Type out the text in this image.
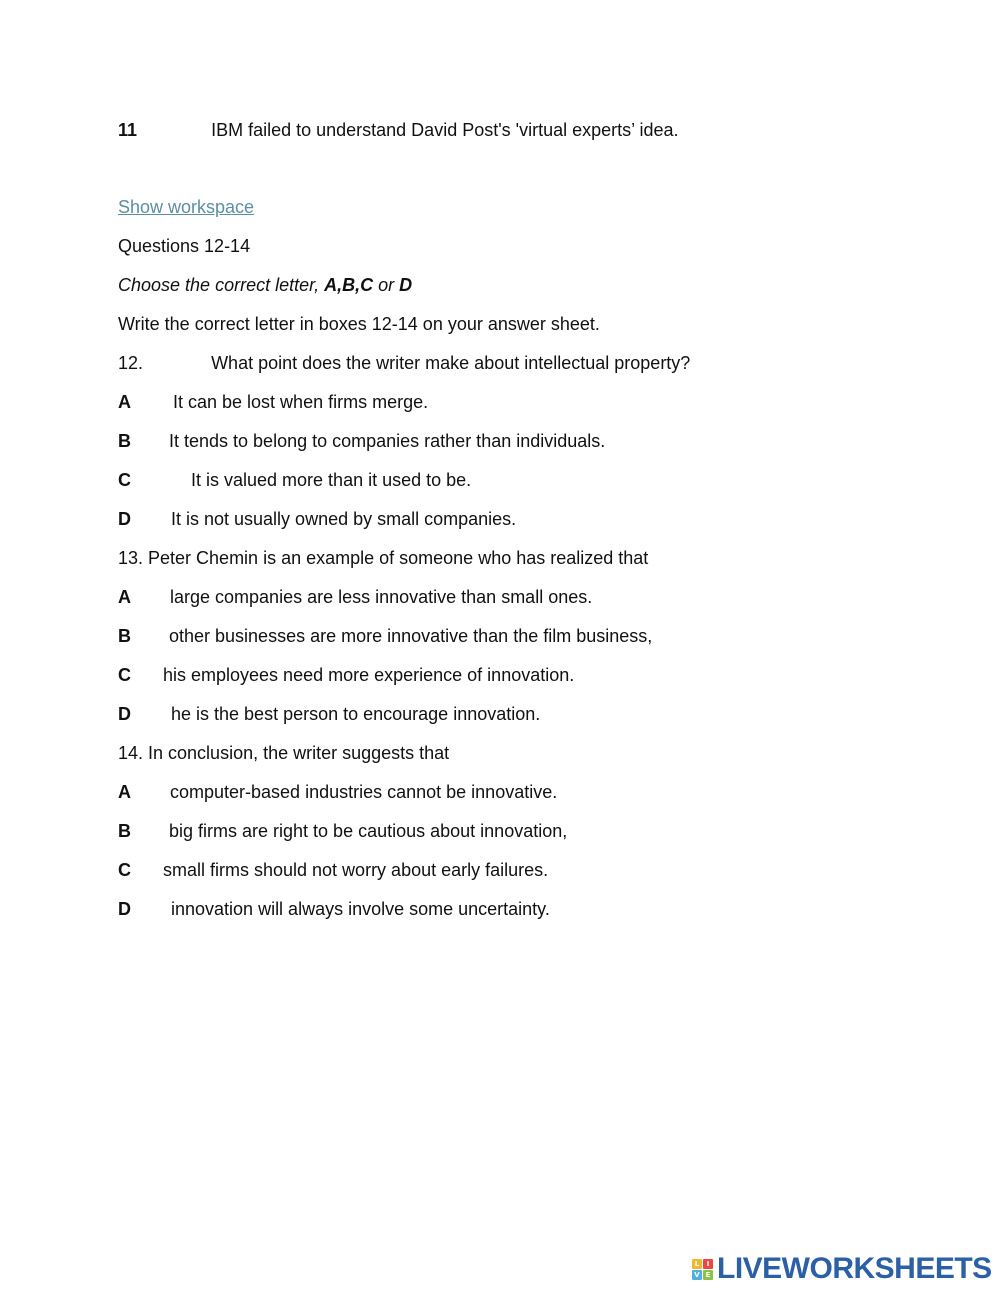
11	IBM failed to understand David Post's 'virtual experts’ idea.
Show workspace
Questions 12-14
Choose the correct letter, A,B,C or D
Write the correct letter in boxes 12-14 on your answer sheet.
12.	What point does the writer make about intellectual property?
A It can be lost when firms merge.
B It tends to belong to companies rather than individuals.
C	It is valued more than it used to be.
D It is not usually owned by small companies.
13. Peter Chemin is an example of someone who has realized that
A large companies are less innovative than small ones.
B other businesses are more innovative than the film business,
C his employees need more experience of innovation.
D he is the best person to encourage innovation.
14. In conclusion, the writer suggests that
A computer-based industries cannot be innovative.
B big firms are right to be cautious about innovation,
C small firms should not worry about early failures.
D innovation will always involve some uncertainty.
L	I
V E LIVEWORKSHEETS
